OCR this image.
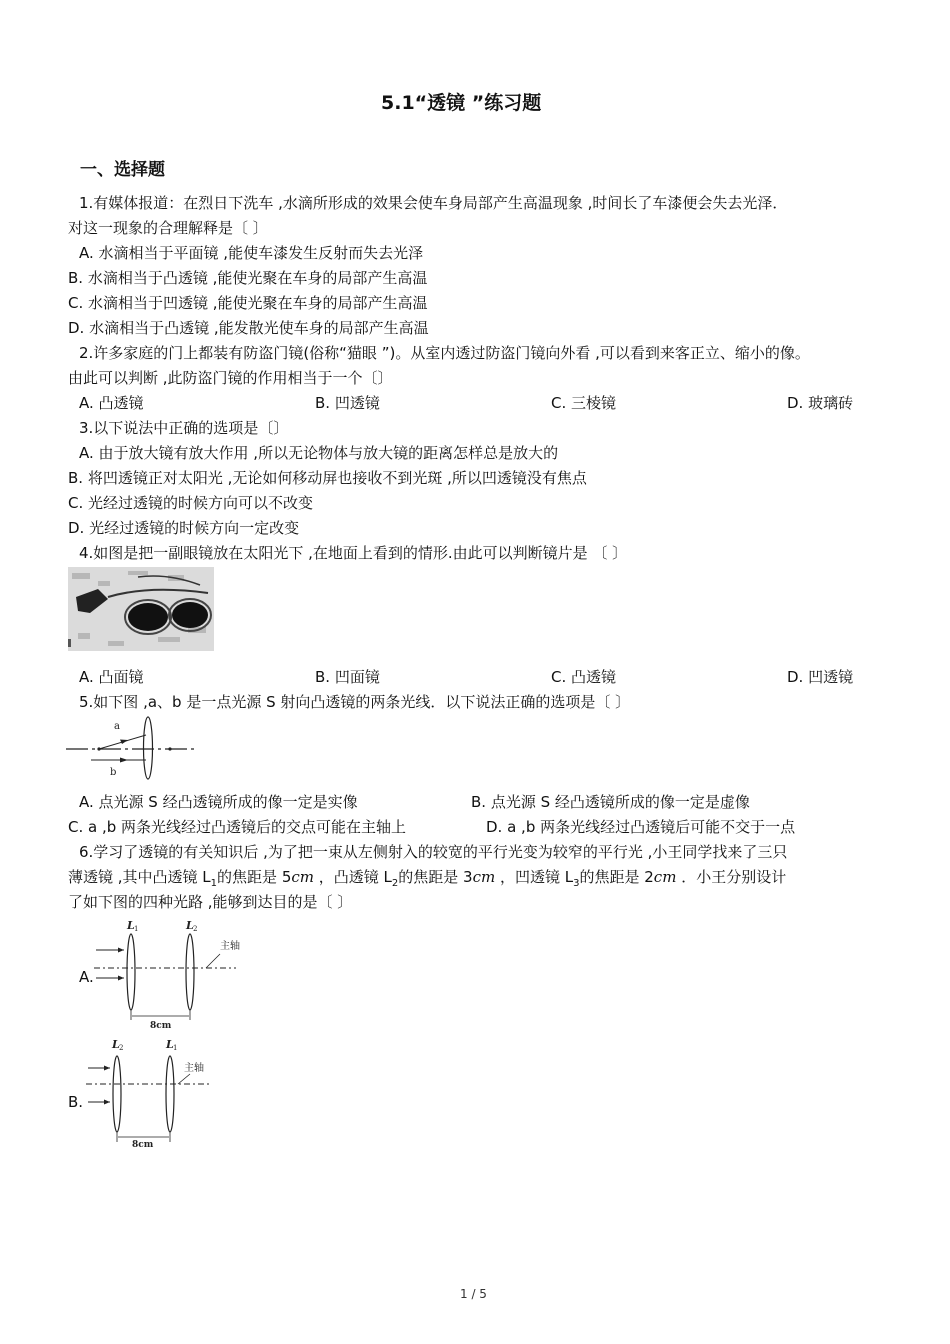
5.1“透镜 ”练习题
一、选择题
1.有媒体报道：在烈日下洗车 ,水滴所形成的效果会使车身局部产生高温现象 ,时间长了车漆便会失去光泽．
对这一现象的合理解释是〔 〕
A. 水滴相当于平面镜 ,能使车漆发生反射而失去光泽
B. 水滴相当于凸透镜 ,能使光聚在车身的局部产生高温
C. 水滴相当于凹透镜 ,能使光聚在车身的局部产生高温
D. 水滴相当于凸透镜 ,能发散光使车身的局部产生高温
2.许多家庭的门上都装有防盗门镜(俗称“猫眼 ”)。从室内透过防盗门镜向外看 ,可以看到来客正立、缩小的像。
由此可以判断 ,此防盗门镜的作用相当于一个〔〕
A. 凸透镜	B. 凹透镜	C. 三棱镜	D. 玻璃砖
3.以下说法中正确的选项是〔〕
A. 由于放大镜有放大作用 ,所以无论物体与放大镜的距离怎样总是放大的
B. 将凹透镜正对太阳光 ,无论如何移动屏也接收不到光斑 ,所以凹透镜没有焦点
C. 光经过透镜的时候方向可以不改变
D. 光经过透镜的时候方向一定改变
4.如图是把一副眼镜放在太阳光下 ,在地面上看到的情形.由此可以判断镜片是 〔 〕
A. 凸面镜	B. 凹面镜	C. 凸透镜	D. 凹透镜
5.如下图 ,a、b 是一点光源 S 射向凸透镜的两条光线．以下说法正确的选项是〔 〕
a
b
A. 点光源 S 经凸透镜所成的像一定是实像	B. 点光源 S 经凸透镜所成的像一定是虚像
C. a ,b 两条光线经过凸透镜后的交点可能在主轴上	D. a ,b 两条光线经过凸透镜后可能不交于一点
6.学习了透镜的有关知识后 ,为了把一束从左侧射入的较宽的平行光变为较窄的平行光 ,小王同学找来了三只
薄透镜 ,其中凸透镜 $L_1$的焦距是 5cm ，凸透镜 $L_2$的焦距是 3cm ，凹透镜 $L_3$的焦距是 2cm ．小王分别设计
了如下图的四种光路 ,能够到达目的是〔 〕
A.
L 1	L 2
主轴
8cm
B.
L 2	L 1
主轴
8cm
1 / 5
